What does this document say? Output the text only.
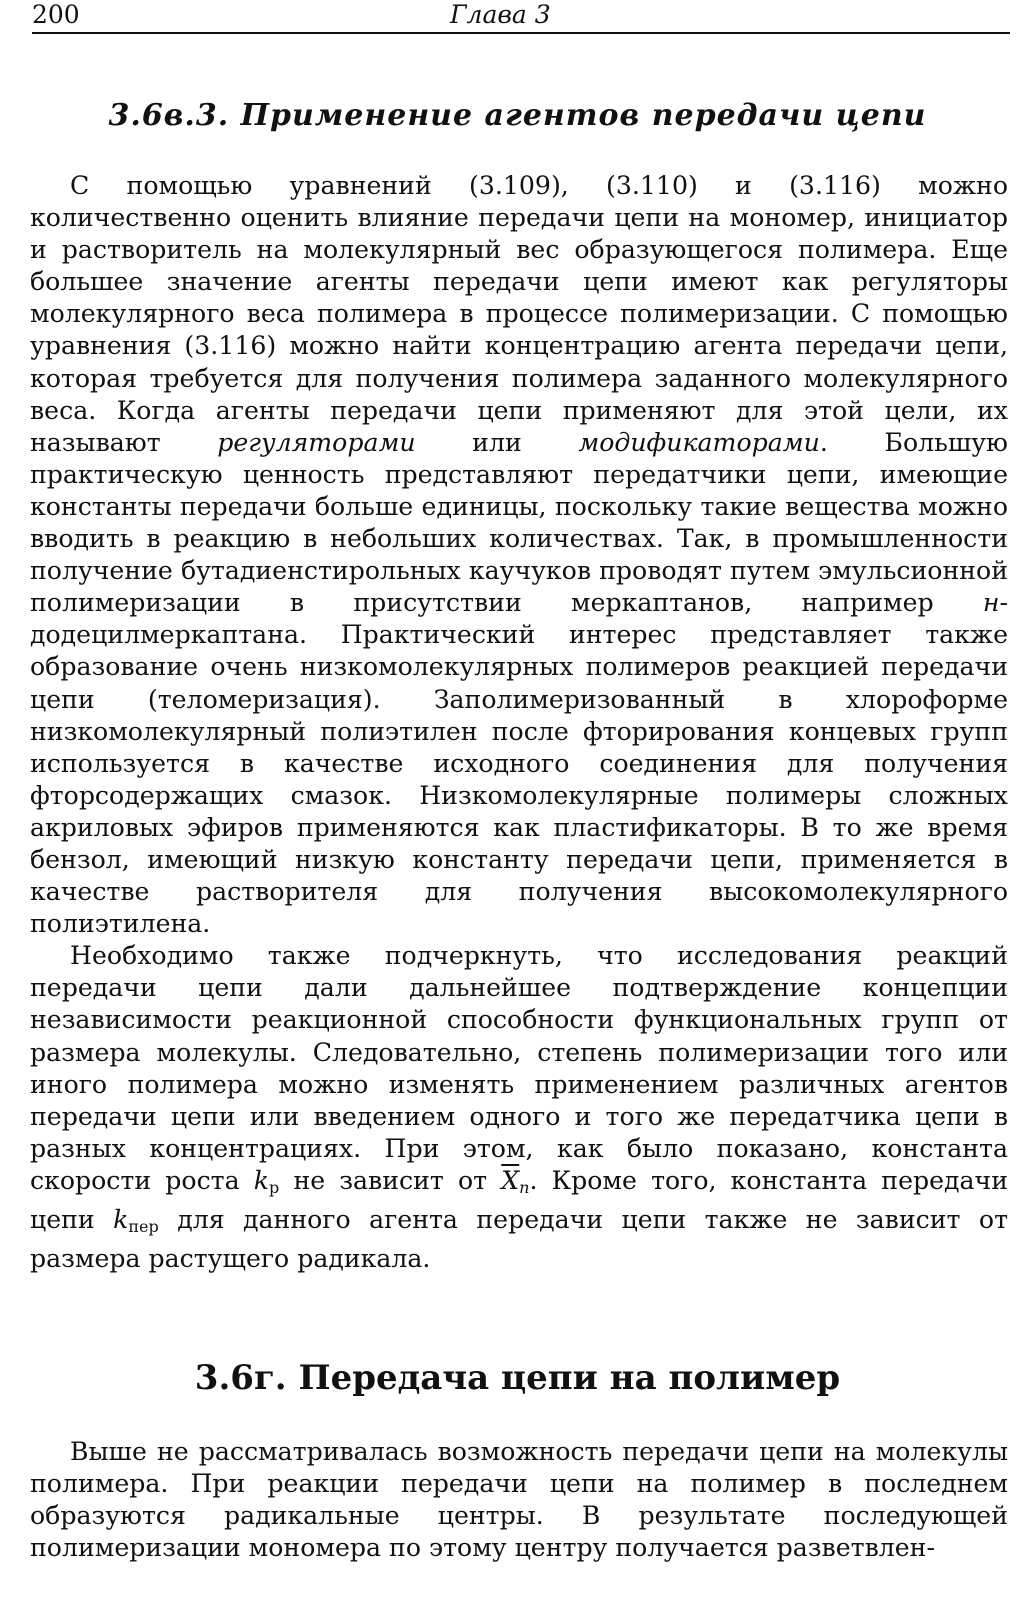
200	Глава 3
3.6в.3. Применение агентов передачи цепи

С помощью уравнений (3.109), (3.110) и (3.116) можно количественно оценить влияние передачи цепи на мономер, инициатор и растворитель на молекулярный вес образующегося полимера. Еще большее значение агенты передачи цепи имеют как регуляторы молекулярного веса полимера в процессе полимеризации. С помощью уравнения (3.116) можно найти концентрацию агента передачи цепи, которая требуется для получения полимера заданного молекулярного веса. Когда агенты передачи цепи применяют для этой цели, их называют регуляторами или модификаторами. Большую практическую ценность представляют передатчики цепи, имеющие константы передачи больше единицы, поскольку такие вещества можно вводить в реакцию в небольших количествах. Так, в промышленности получение бутадиенстирольных каучуков проводят путем эмульсионной полимеризации в присутствии меркаптанов, например н-додецилмеркаптана. Практический интерес представляет также образование очень низкомолекулярных полимеров реакцией передачи цепи (теломеризация). Заполимеризованный в хлороформе низкомолекулярный полиэтилен после фторирования концевых групп используется в качестве исходного соединения для получения фторсодержащих смазок. Низкомолекулярные полимеры сложных акриловых эфиров применяются как пластификаторы. В то же время бензол, имеющий низкую константу передачи цепи, применяется в качестве растворителя для получения высокомолекулярного полиэтилена.

Необходимо также подчеркнуть, что исследования реакций передачи цепи дали дальнейшее подтверждение концепции независимости реакционной способности функциональных групп от размера молекулы. Следовательно, степень полимеризации того или иного полимера можно изменять применением различных агентов передачи цепи или введением одного и того же передатчика цепи в разных концентрациях. При этом, как было показано, константа скорости роста $k_р$ не зависит от $\overline{X}_n$. Кроме того, константа передачи цепи $k_{пер}$ для данного агента передачи цепи также не зависит от размера растущего радикала.

3.6г. Передача цепи на полимер

Выше не рассматривалась возможность передачи цепи на молекулы полимера. При реакции передачи цепи на полимер в последнем образуются радикальные центры. В результате последующей полимеризации мономера по этому центру получается разветвлен-
